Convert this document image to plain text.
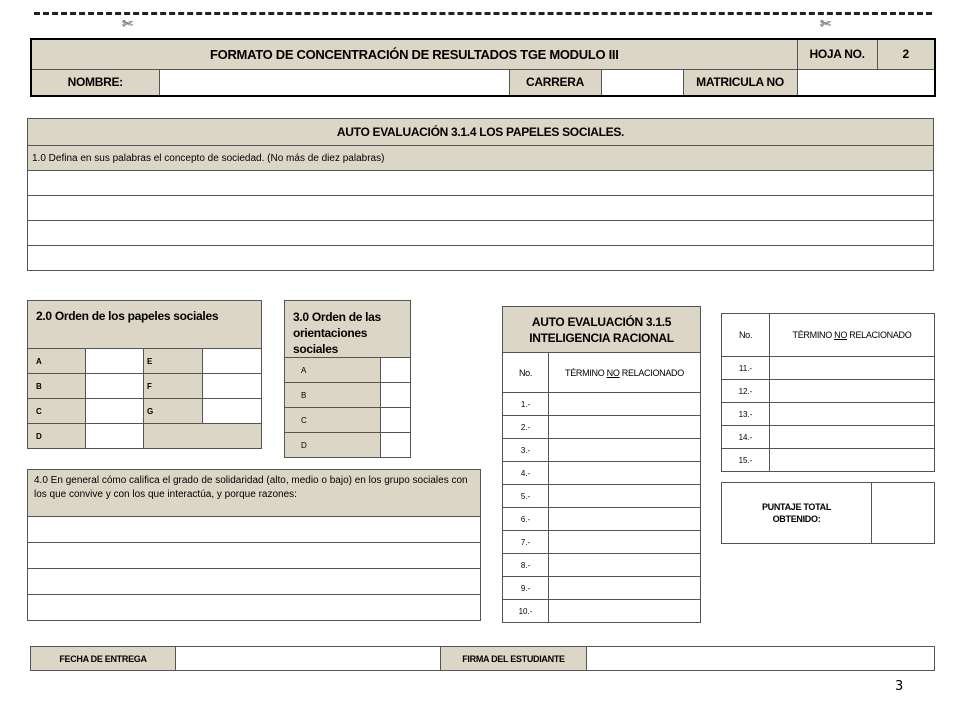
✄	✄
FORMATO DE CONCENTRACIÓN DE RESULTADOS TGE MODULO III					HOJA NO.	2
NOMBRE:		CARRERA		MATRICULA NO		
AUTO EVALUACIÓN 3.1.4 LOS PAPELES SOCIALES.
1.0 Defina en sus palabras el concepto de sociedad. (No más de diez palabras)

2.0 Orden de los papeles sociales			
A		E	
B		F	
C		G	
D			
3.0 Orden de las orientaciones sociales	
A	
B	
C	
D	
4.0 En general cómo califica el grado de solidaridad (alto, medio o bajo) en los grupo sociales con los que convive y con los que interactúa, y porque razones:

AUTO EVALUACIÓN 3.1.5 INTELIGENCIA RACIONAL	
No.	TÉRMINO NO RELACIONADO
1.-	
2.-	
3.-	
4.-	
5.-	
6.-	
7.-	
8.-	
9.-	
10.-	
No.	TÉRMINO NO RELACIONADO
11.-	
12.-	
13.-	
14.-	
15.-	
PUNTAJE TOTAL OBTENIDO:	
FECHA DE ENTREGA		FIRMA DEL ESTUDIANTE	
3
